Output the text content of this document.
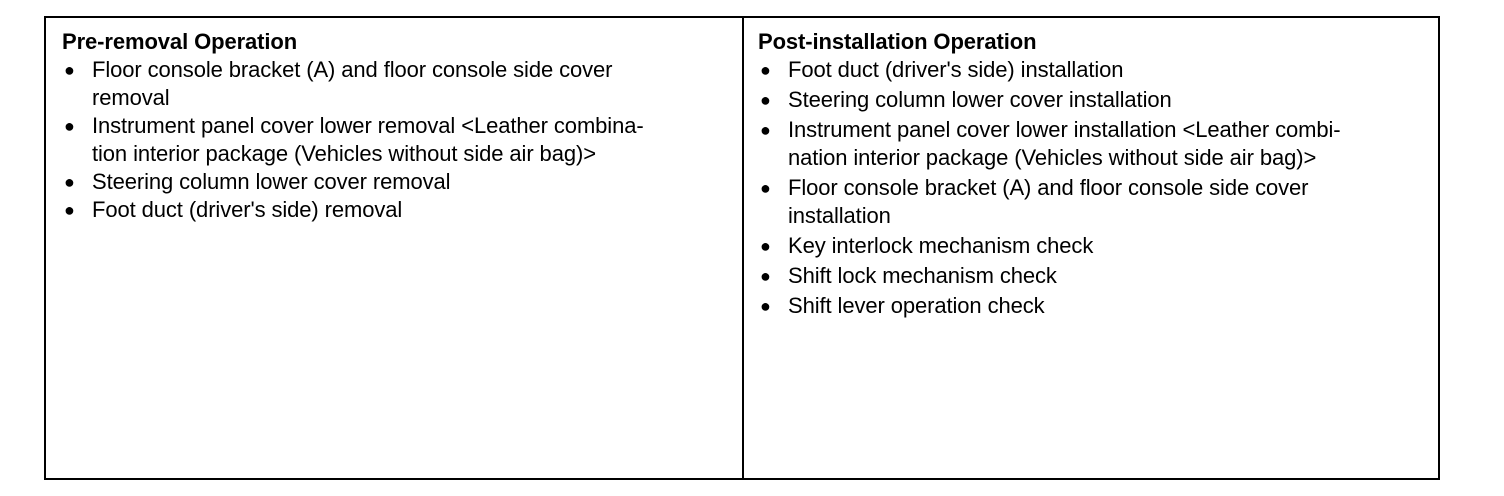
Pre-removal Operation
● Floor console bracket (A) and floor console side cover
removal
● Instrument panel cover lower removal <Leather combina-
tion interior package (Vehicles without side air bag)>
● Steering column lower cover removal
● Foot duct (driver's side) removal
Post-installation Operation
● Foot duct (driver's side) installation
● Steering column lower cover installation
● Instrument panel cover lower installation <Leather combi-
nation interior package (Vehicles without side air bag)>
● Floor console bracket (A) and floor console side cover
installation
● Key interlock mechanism check
● Shift lock mechanism check
● Shift lever operation check
